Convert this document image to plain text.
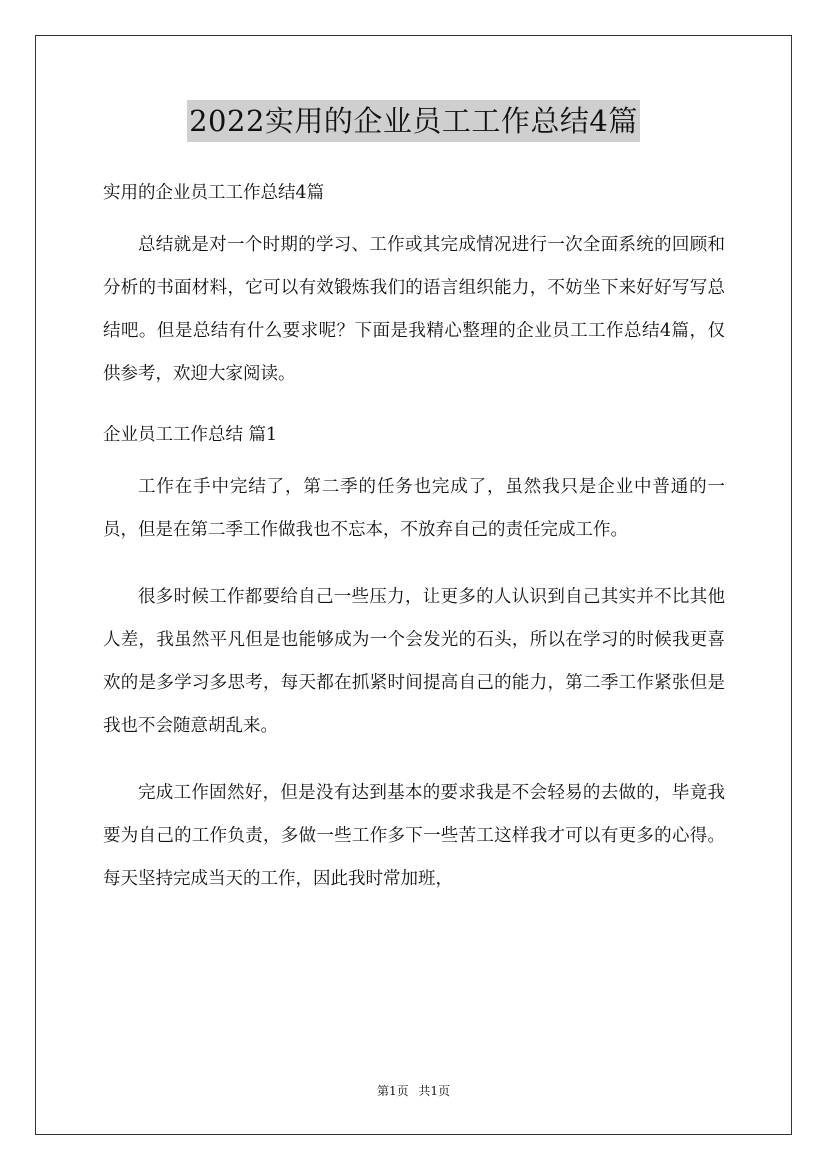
2022实用的企业员工工作总结4篇

实用的企业员工工作总结4篇

总结就是对一个时期的学习、工作或其完成情况进行一次全面系统的回顾和分析的书面材料，它可以有效锻炼我们的语言组织能力，不妨坐下来好好写写总结吧。但是总结有什么要求呢？下面是我精心整理的企业员工工作总结4篇，仅供参考，欢迎大家阅读。

企业员工工作总结 篇1

工作在手中完结了，第二季的任务也完成了，虽然我只是企业中普通的一员，但是在第二季工作做我也不忘本，不放弃自己的责任完成工作。

很多时候工作都要给自己一些压力，让更多的人认识到自己其实并不比其他人差，我虽然平凡但是也能够成为一个会发光的石头，所以在学习的时候我更喜欢的是多学习多思考，每天都在抓紧时间提高自己的能力，第二季工作紧张但是我也不会随意胡乱来。

完成工作固然好，但是没有达到基本的要求我是不会轻易的去做的，毕竟我要为自己的工作负责，多做一些工作多下一些苦工这样我才可以有更多的心得。每天坚持完成当天的工作，因此我时常加班，

第1页 共1页
